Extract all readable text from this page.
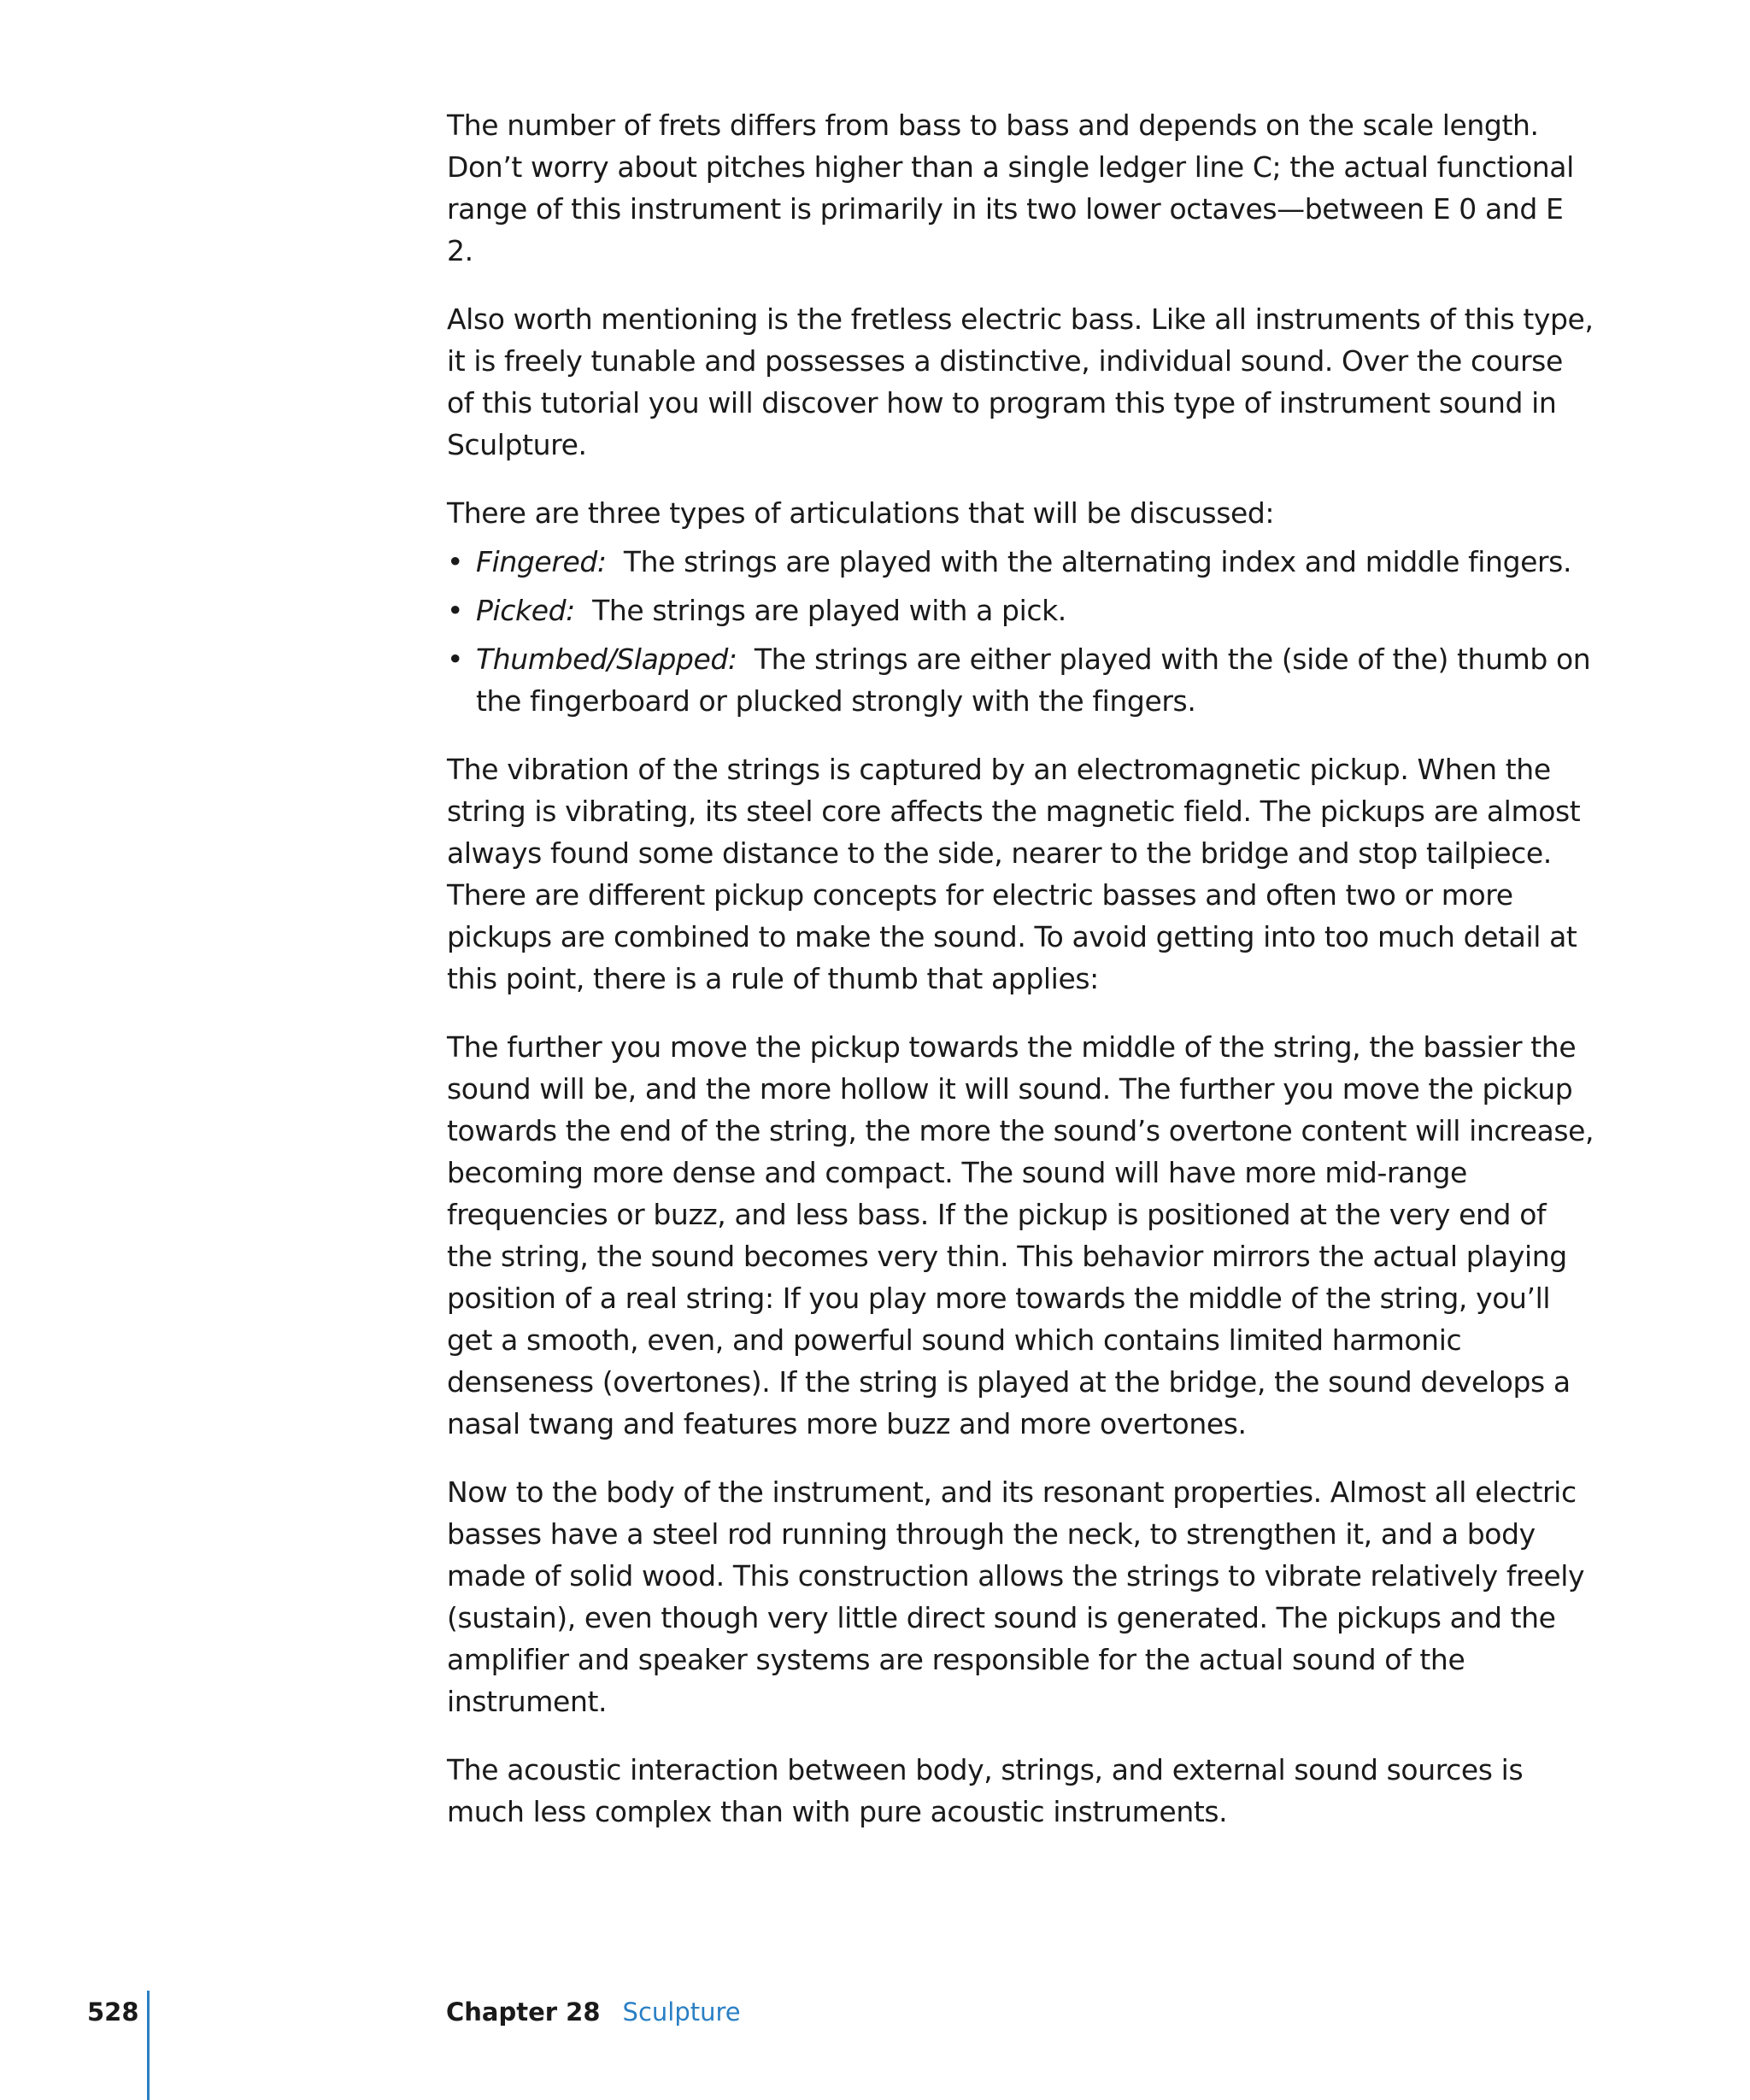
The number of frets differs from bass to bass and depends on the scale length. Don’t worry about pitches higher than a single ledger line C; the actual functional range of this instrument is primarily in its two lower octaves—between E 0 and E 2.

Also worth mentioning is the fretless electric bass. Like all instruments of this type, it is freely tunable and possesses a distinctive, individual sound. Over the course of this tutorial you will discover how to program this type of instrument sound in Sculpture.

There are three types of articulations that will be discussed:

• Fingered: The strings are played with the alternating index and middle fingers.
• Picked: The strings are played with a pick.
• Thumbed/Slapped: The strings are either played with the (side of the) thumb on the fingerboard or plucked strongly with the fingers.

The vibration of the strings is captured by an electromagnetic pickup. When the string is vibrating, its steel core affects the magnetic field. The pickups are almost always found some distance to the side, nearer to the bridge and stop tailpiece. There are different pickup concepts for electric basses and often two or more pickups are combined to make the sound. To avoid getting into too much detail at this point, there is a rule of thumb that applies:

The further you move the pickup towards the middle of the string, the bassier the sound will be, and the more hollow it will sound. The further you move the pickup towards the end of the string, the more the sound’s overtone content will increase, becoming more dense and compact. The sound will have more mid-range frequencies or buzz, and less bass. If the pickup is positioned at the very end of the string, the sound becomes very thin. This behavior mirrors the actual playing position of a real string: If you play more towards the middle of the string, you’ll get a smooth, even, and powerful sound which contains limited harmonic denseness (overtones). If the string is played at the bridge, the sound develops a nasal twang and features more buzz and more overtones.

Now to the body of the instrument, and its resonant properties. Almost all electric basses have a steel rod running through the neck, to strengthen it, and a body made of solid wood. This construction allows the strings to vibrate relatively freely (sustain), even though very little direct sound is generated. The pickups and the amplifier and speaker systems are responsible for the actual sound of the instrument.

The acoustic interaction between body, strings, and external sound sources is much less complex than with pure acoustic instruments.

528	Chapter 28 Sculpture
